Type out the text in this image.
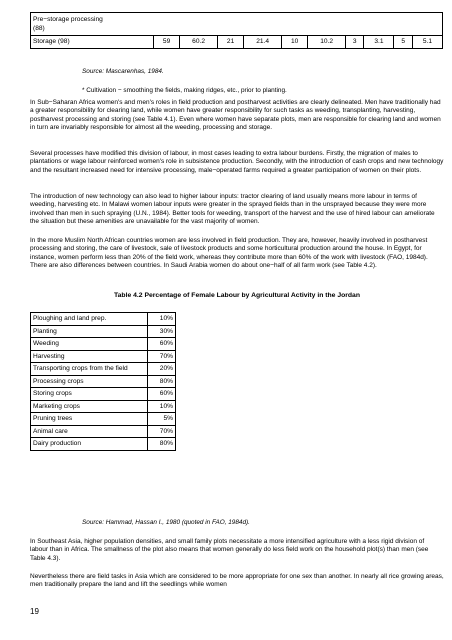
Pre−storage processing
(88)
Storage (98)	59	60.2	21	21.4	10	10.2	3	3.1	5	5.1
Source: Mascarenhas, 1984.
* Cultivation − smoothing the fields, making ridges, etc., prior to planting.

In Sub−Saharan Africa women's and men's roles in field production and postharvest activities are clearly delineated. Men have traditionally had a greater responsibility for clearing land, while women have greater responsibility for such tasks as weeding, transplanting, harvesting, postharvest processing and storing (see Table 4.1). Even where women have separate plots, men are responsible for clearing land and women in turn are invariably responsible for almost all the weeding, processing and storage.

Several processes have modified this division of labour, in most cases leading to extra labour burdens. Firstly, the migration of males to plantations or wage labour reinforced women's role in subsistence production. Secondly, with the introduction of cash crops and new technology and the resultant increased need for intensive processing, male−operated farms required a greater participation of women on their plots.

The introduction of new technology can also lead to higher labour inputs: tractor clearing of land usually means more labour in terms of weeding, harvesting etc. In Malawi women labour inputs were greater in the sprayed fields than in the unsprayed because they were more involved than men in such spraying (U.N., 1984). Better tools for weeding, transport of the harvest and the use of hired labour can ameliorate the situation but these amenities are unavailable for the vast majority of women.

In the more Muslim North African countries women are less involved in field production. They are, however, heavily involved in postharvest processing and storing, the care of livestock, sale of livestock products and some horticultural production around the house. In Egypt, for instance, women perform less than 20% of the field work, whereas they contribute more than 60% of the work with livestock (FAO, 1984d). There are also differences between countries. In Saudi Arabia women do about one−half of all farm work (see Table 4.2).

Table 4.2 Percentage of Female Labour by Agricultural Activity in the Jordan
Ploughing and land prep.	10%
Planting	30%
Weeding	60%
Harvesting	70%
Transporting crops from the field	20%
Processing crops	80%
Storing crops	60%
Marketing crops	10%
Pruning trees	5%
Animal care	70%
Dairy production	80%
Source: Hammad, Hassan I., 1980 (quoted in FAO, 1984d).

In Southeast Asia, higher population densities, and small family plots necessitate a more intensified agriculture with a less rigid division of labour than in Africa. The smallness of the plot also means that women generally do less field work on the household plot(s) than men (see Table 4.3).

Nevertheless there are field tasks in Asia which are considered to be more appropriate for one sex than another. In nearly all rice growing areas, men traditionally prepare the land and lift the seedlings while women

19
